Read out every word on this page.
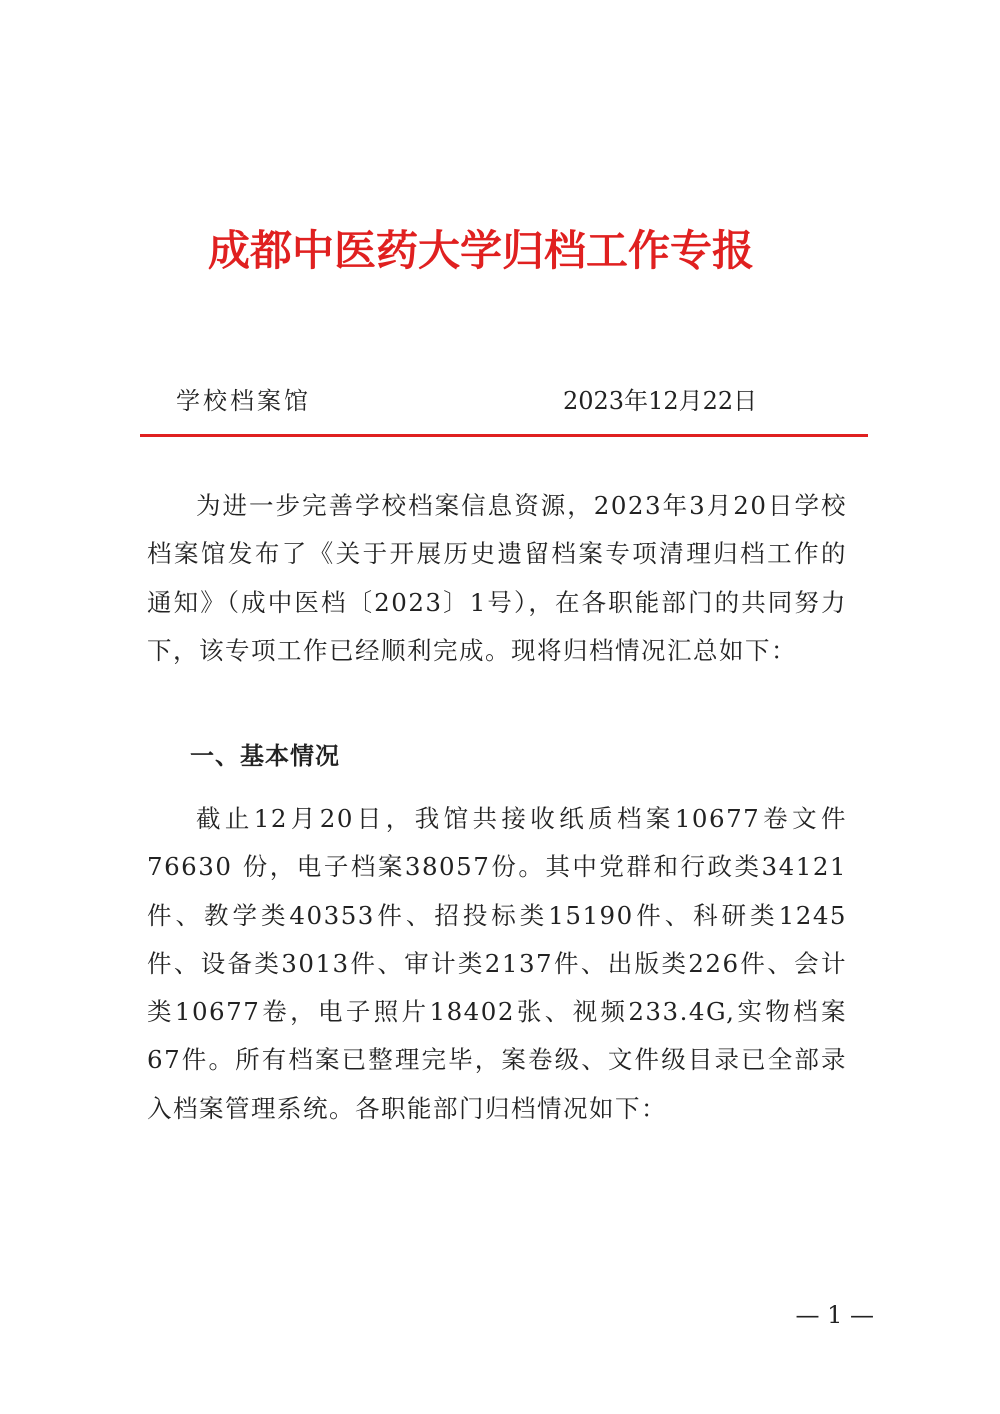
成都中医药大学归档工作专报
学校档案馆	2023年12月22日

为进一步完善学校档案信息资源，2023年3月20日学校档案馆发布了《关于开展历史遗留档案专项清理归档工作的通知》（成中医档〔2023〕1号），在各职能部门的共同努力下，该专项工作已经顺利完成。现将归档情况汇总如下：

一、基本情况

截止12月20日，我馆共接收纸质档案10677卷文件76630 份，电子档案38057份。其中党群和行政类34121件、教学类40353件、招投标类15190件、科研类1245件、设备类3013件、审计类2137件、出版类226件、会计类10677卷，电子照片18402张、视频233.4G,实物档案67件。所有档案已整理完毕，案卷级、文件级目录已全部录入档案管理系统。各职能部门归档情况如下：

— 1 —
